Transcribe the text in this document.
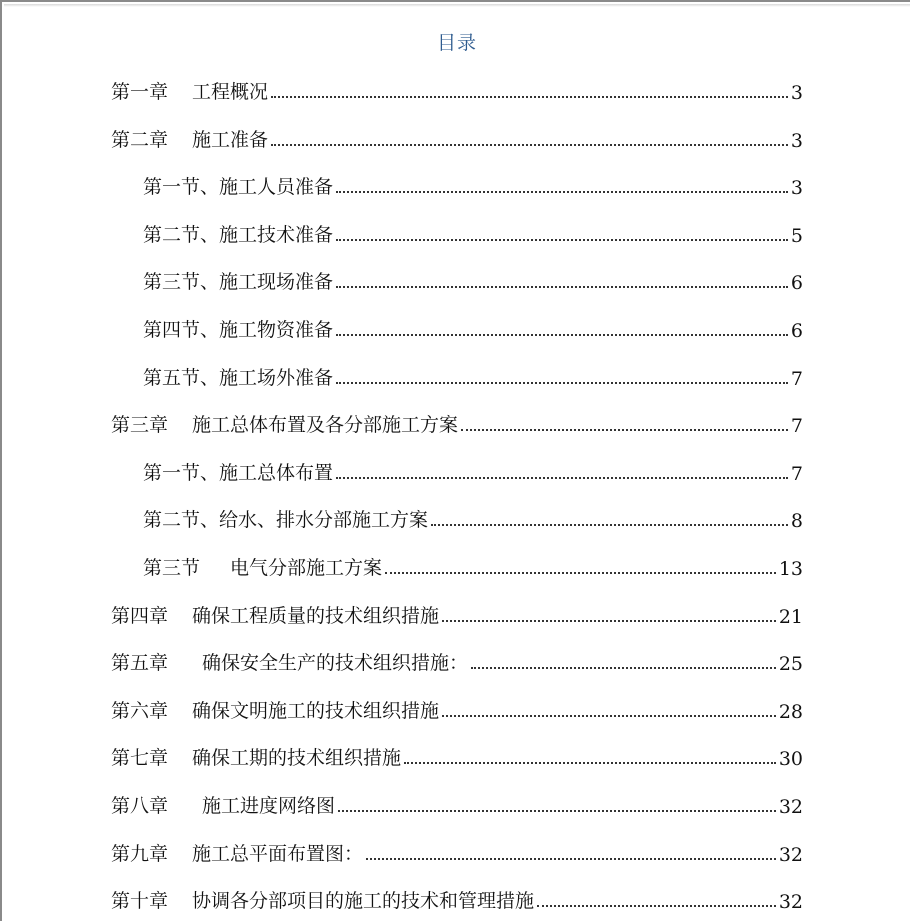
目录
第一章 工程概况	3
第二章 施工准备	3
第一节、施工人员准备	3
第二节、施工技术准备	5
第三节、施工现场准备	6
第四节、施工物资准备	6
第五节、施工场外准备	7
第三章 施工总体布置及各分部施工方案	7
第一节、施工总体布置	7
第二节、给水、排水分部施工方案	8
第三节 电气分部施工方案	13
第四章 确保工程质量的技术组织措施	21
第五章 确保安全生产的技术组织措施：	25
第六章 确保文明施工的技术组织措施	28
第七章 确保工期的技术组织措施	30
第八章 施工进度网络图	32
第九章 施工总平面布置图：	32
第十章 协调各分部项目的施工的技术和管理措施	32
